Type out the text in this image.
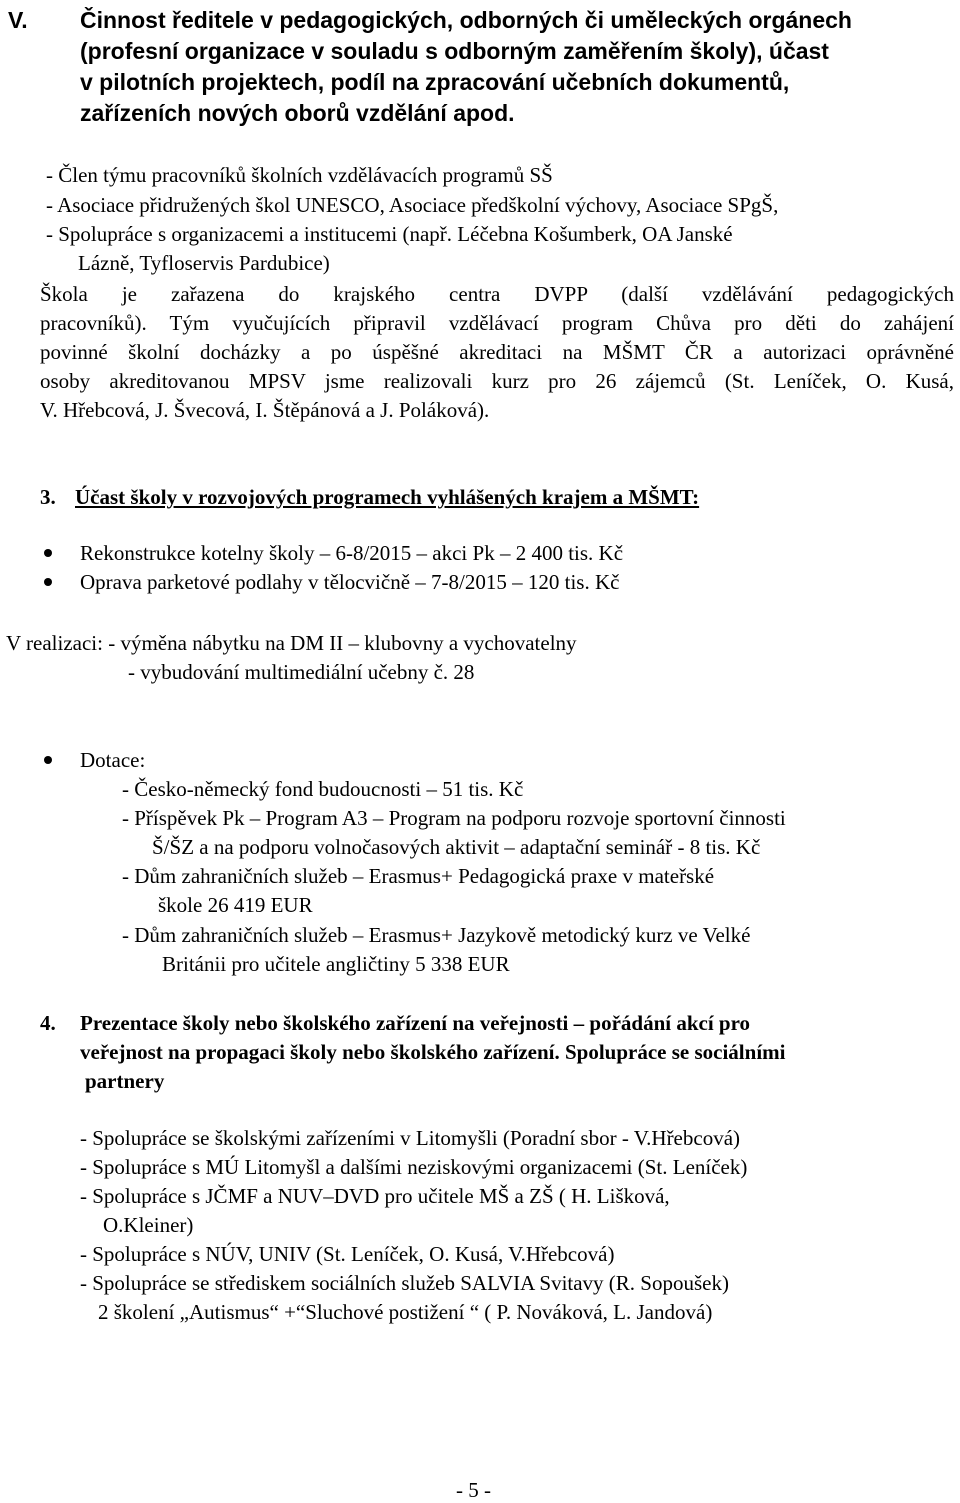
V. Činnost ředitele v pedagogických, odborných či uměleckých orgánech
(profesní organizace v souladu s odborným zaměřením školy), účast
v pilotních projektech, podíl na zpracování učebních dokumentů,
zařízeních nových oborů vzdělání apod.
- Člen týmu pracovníků školních vzdělávacích programů SŠ
- Asociace přidružených škol UNESCO, Asociace předškolní výchovy, Asociace SPgŠ,
- Spolupráce s organizacemi a institucemi (např. Léčebna Košumberk, OA Janské
Lázně, Tyfloservis Pardubice)
Škola je zařazena do krajského centra DVPP (další vzdělávání pedagogických
pracovníků). Tým vyučujících připravil vzdělávací program Chůva pro děti do zahájení
povinné školní docházky a po úspěšné akreditaci na MŠMT ČR a autorizaci oprávněné
osoby akreditovanou MPSV jsme realizovali kurz pro 26 zájemců (St. Leníček, O. Kusá,
V. Hřebcová, J. Švecová, I. Štěpánová a J. Poláková).
3. Účast školy v rozvojových programech vyhlášených krajem a MŠMT:
Rekonstrukce kotelny školy – 6-8/2015 – akci Pk – 2 400 tis. Kč
Oprava parketové podlahy v tělocvičně – 7-8/2015 – 120 tis. Kč
V realizaci: - výměna nábytku na DM II – klubovny a vychovatelny
- vybudování multimediální učebny č. 28
Dotace:
- Česko-německý fond budoucnosti – 51 tis. Kč
- Příspěvek Pk – Program A3 – Program na podporu rozvoje sportovní činnosti
Š/ŠZ a na podporu volnočasových aktivit – adaptační seminář - 8 tis. Kč
- Dům zahraničních služeb – Erasmus+ Pedagogická praxe v mateřské
škole 26 419 EUR
- Dům zahraničních služeb – Erasmus+ Jazykově metodický kurz ve Velké
Británii pro učitele angličtiny 5 338 EUR
4. Prezentace školy nebo školského zařízení na veřejnosti – pořádání akcí pro
veřejnost na propagaci školy nebo školského zařízení. Spolupráce se sociálními
partnery
- Spolupráce se školskými zařízeními v Litomyšli (Poradní sbor - V.Hřebcová)
- Spolupráce s MÚ Litomyšl a dalšími neziskovými organizacemi (St. Leníček)
- Spolupráce s JČMF a NUV–DVD pro učitele MŠ a ZŠ ( H. Lišková,
O.Kleiner)
- Spolupráce s NÚV, UNIV (St. Leníček, O. Kusá, V.Hřebcová)
- Spolupráce se střediskem sociálních služeb SALVIA Svitavy (R. Sopoušek)
2 školení „Autismus“ +“Sluchové postižení “ ( P. Nováková, L. Jandová)
- 5 -
